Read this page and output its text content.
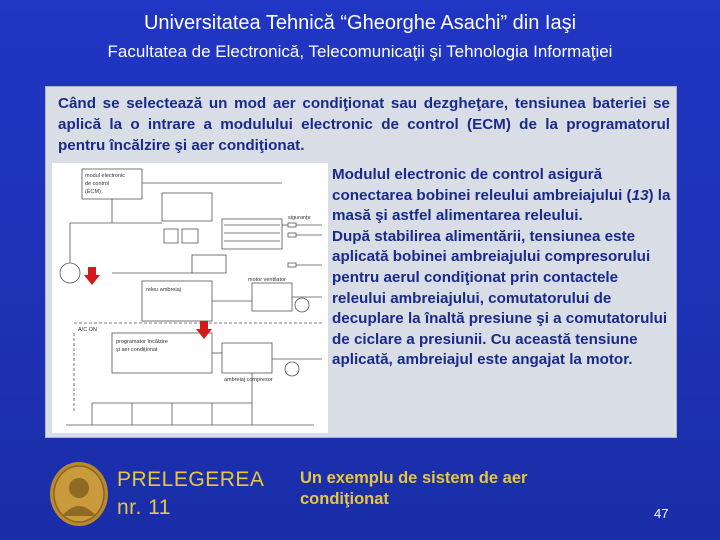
Universitatea Tehnică “Gheorghe Asachi” din Iaşi
Facultatea de Electronică, Telecomunicaţii şi Tehnologia Informaţiei

Când se selectează un mod aer condiţionat sau dezgheţare, tensiunea bateriei se aplică la o intrare a modulului electronic de control (ECM) de la programatorul pentru încălzire şi aer condiţionat.

modul electronic
de control
(ECM)
A/C ON
programator încălzire
şi aer condiţionat
releu ambreiaj
siguranţe
motor ventilator
ambreiaj compresor

Modulul electronic de control asigură conectarea bobinei releului ambreiajului (13) la masă şi astfel alimentarea releului.

După stabilirea alimentării, tensiunea este aplicată bobinei ambreiajului compresorului pentru aerul condiţionat prin contactele releului ambreiajului, comutatorului de decuplare la înaltă presiune şi a comutatorului de ciclare a presiunii. Cu această tensiune aplicată, ambreiajul este angajat la motor.

PRELEGEREA
nr. 11
Un exemplu de sistem de aer condiţionat
47
